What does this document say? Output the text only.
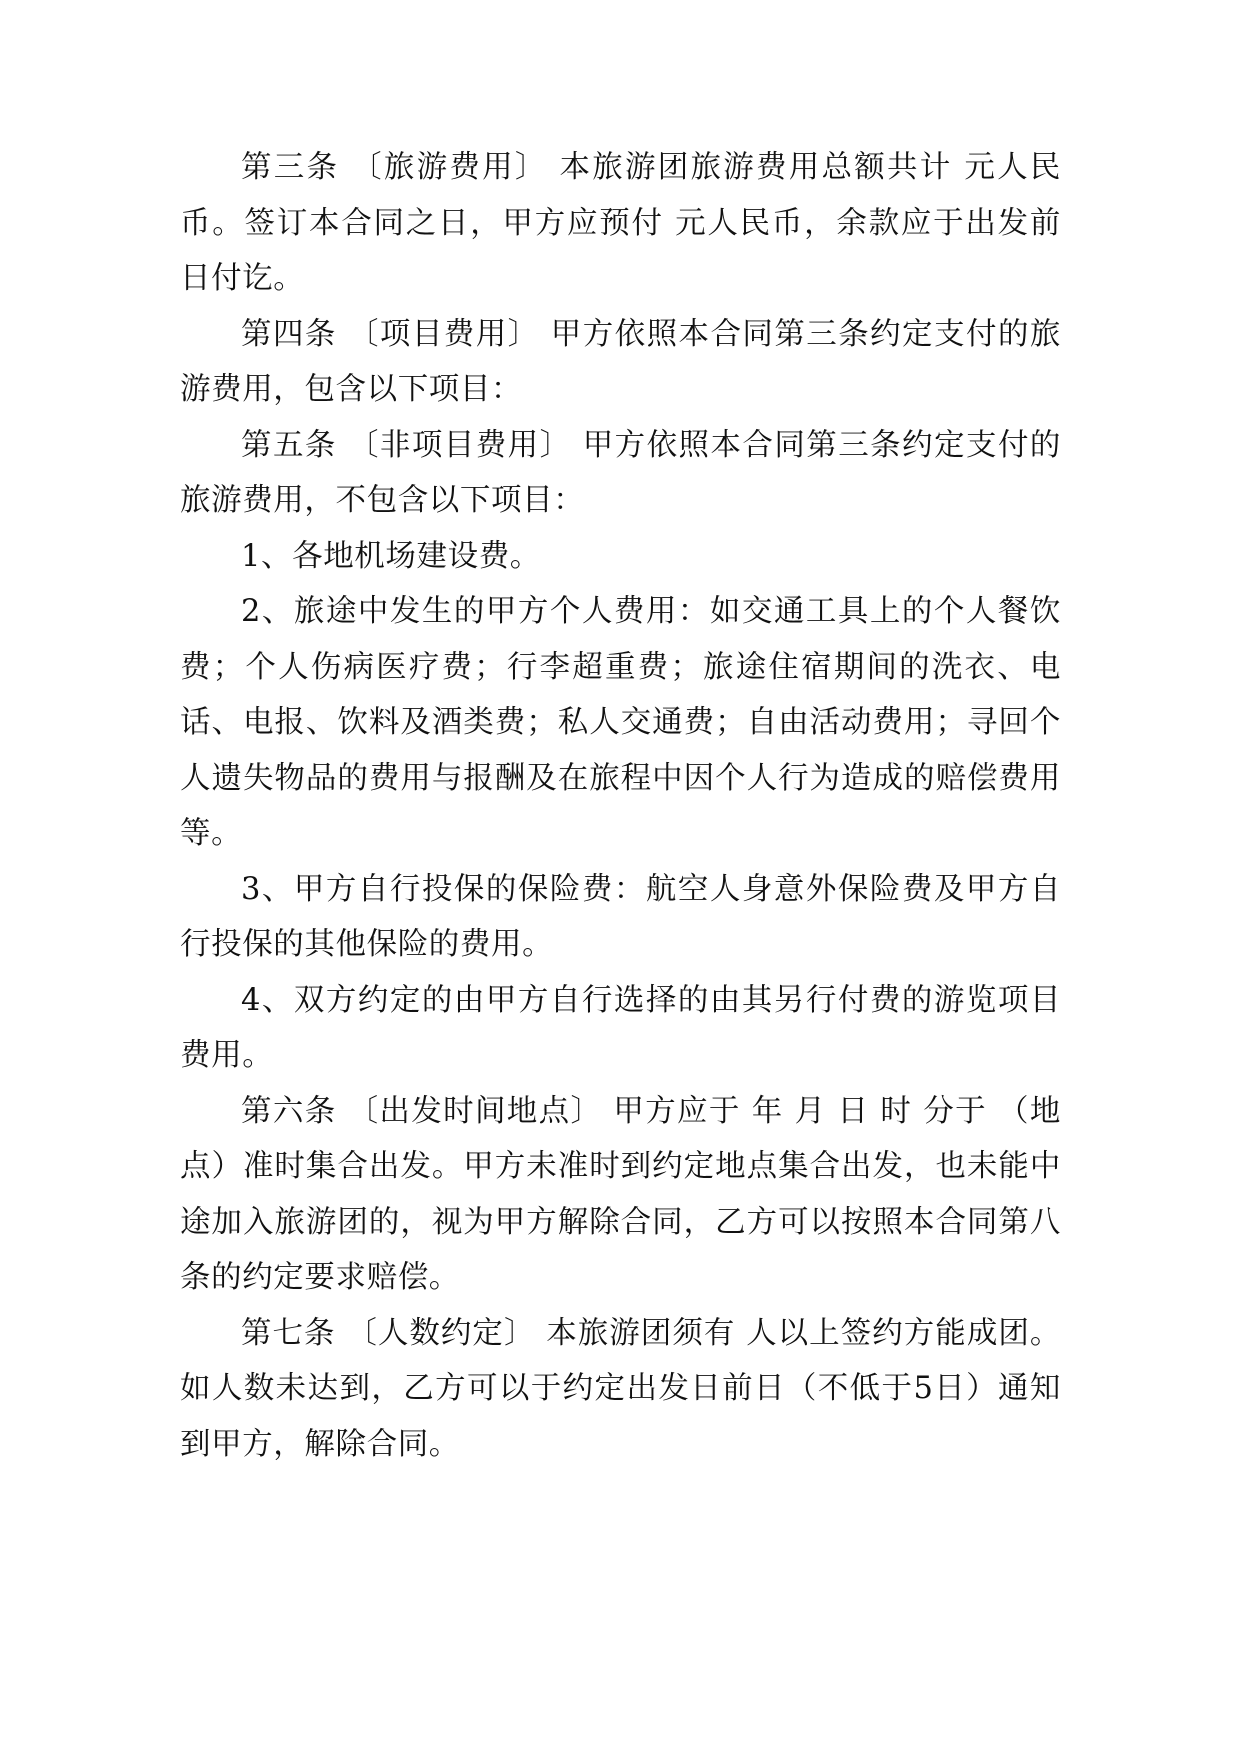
第三条 〔旅游费用〕 本旅游团旅游费用总额共计 元人民币。签订本合同之日，甲方应预付 元人民币，余款应于出发前日付讫。

第四条 〔项目费用〕 甲方依照本合同第三条约定支付的旅游费用，包含以下项目：

第五条 〔非项目费用〕 甲方依照本合同第三条约定支付的旅游费用，不包含以下项目：

1、各地机场建设费。

2、旅途中发生的甲方个人费用：如交通工具上的个人餐饮费；个人伤病医疗费；行李超重费；旅途住宿期间的洗衣、电话、电报、饮料及酒类费；私人交通费；自由活动费用；寻回个人遗失物品的费用与报酬及在旅程中因个人行为造成的赔偿费用等。

3、甲方自行投保的保险费：航空人身意外保险费及甲方自行投保的其他保险的费用。

4、双方约定的由甲方自行选择的由其另行付费的游览项目费用。

第六条 〔出发时间地点〕 甲方应于 年 月 日 时 分于 （地点）准时集合出发。甲方未准时到约定地点集合出发，也未能中途加入旅游团的，视为甲方解除合同，乙方可以按照本合同第八条的约定要求赔偿。

第七条 〔人数约定〕 本旅游团须有 人以上签约方能成团。如人数未达到，乙方可以于约定出发日前日（不低于5日）通知到甲方，解除合同。
